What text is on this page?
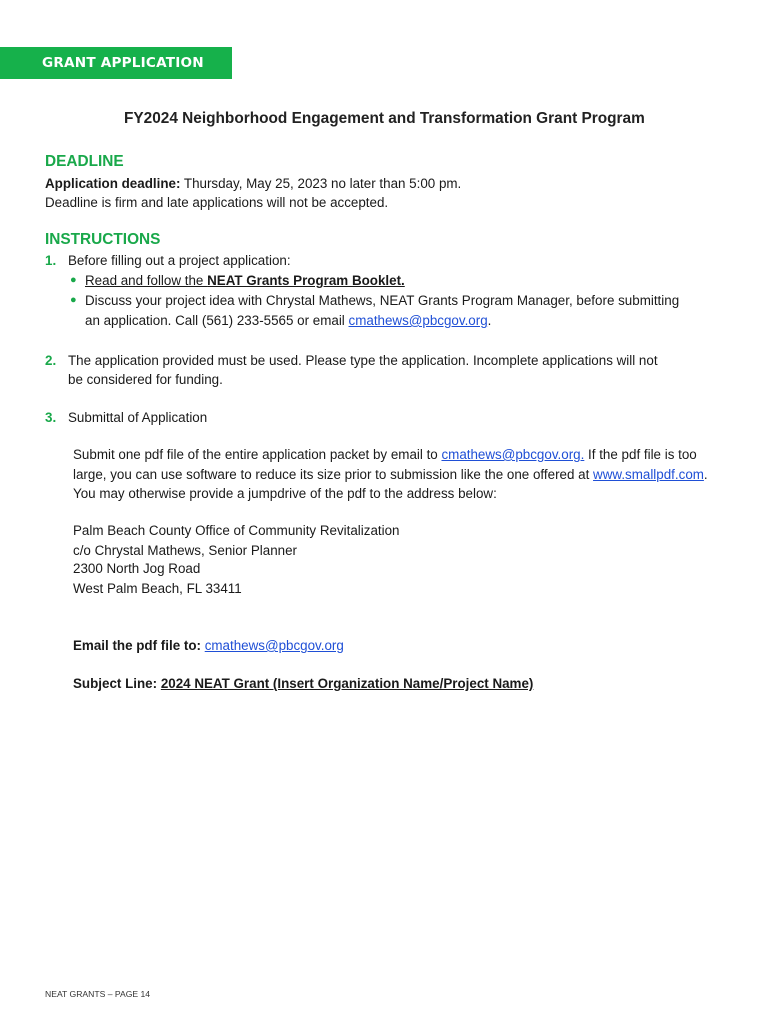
GRANT APPLICATION
FY2024 Neighborhood Engagement and Transformation Grant Program
DEADLINE
Application deadline: Thursday, May 25, 2023 no later than 5:00 pm.
Deadline is firm and late applications will not be accepted.
INSTRUCTIONS
1. Before filling out a project application:
● Read and follow the NEAT Grants Program Booklet.
● Discuss your project idea with Chrystal Mathews, NEAT Grants Program Manager, before submitting
an application. Call (561) 233-5565 or email cmathews@pbcgov.org.
2. The application provided must be used. Please type the application. Incomplete applications will not
be considered for funding.
3. Submittal of Application
Submit one pdf file of the entire application packet by email to cmathews@pbcgov.org. If the pdf file is too
large, you can use software to reduce its size prior to submission like the one offered at www.smallpdf.com.
You may otherwise provide a jumpdrive of the pdf to the address below:
Palm Beach County Office of Community Revitalization
c/o Chrystal Mathews, Senior Planner
2300 North Jog Road
West Palm Beach, FL 33411
Email the pdf file to: cmathews@pbcgov.org
Subject Line: 2024 NEAT Grant (Insert Organization Name/Project Name)
NEAT GRANTS – PAGE 14
